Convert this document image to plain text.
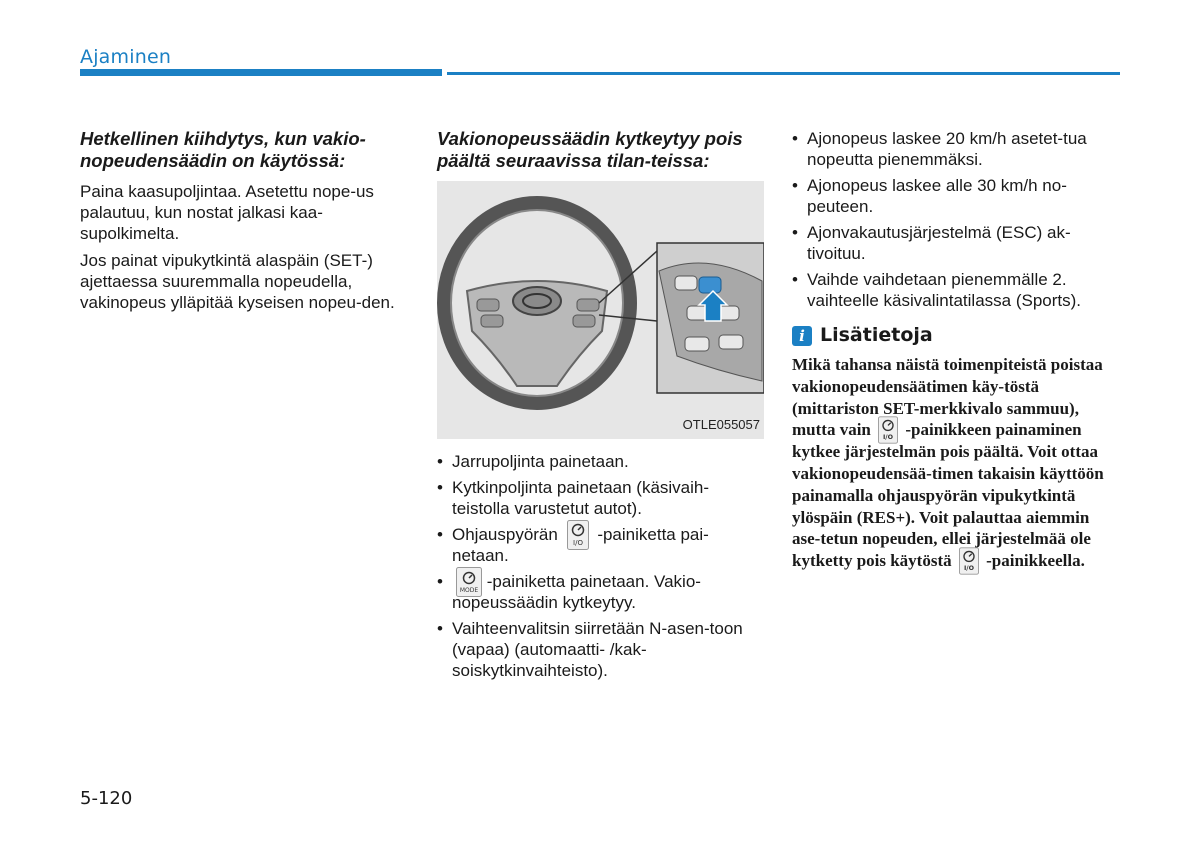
Ajaminen
Hetkellinen kiihdytys, kun vakio-nopeudensäädin on käytössä:

Paina kaasupoljintaa. Asetettu nope-us palautuu, kun nostat jalkasi kaa-supolkimelta.

Jos painat vipukytkintä alaspäin (SET-) ajettaessa suuremmalla nopeudella, vakinopeus ylläpitää kyseisen nopeu-den.

Vakionopeussäädin kytkeytyy pois päältä seuraavissa tilan-teissa:
OTLE055057
• Jarrupoljinta painetaan.
• Kytkinpoljinta painetaan (käsivaih-teistolla varustetut autot).
• Ohjauspyörän I/O -painiketta pai-netaan.
• MODE -painiketta painetaan. Vakio-nopeussäädin kytkeytyy.
• Vaihteenvalitsin siirretään N-asen-toon (vapaa) (automaatti- /kak-soiskytkinvaihteisto).
• Ajonopeus laskee 20 km/h asetet-tua nopeutta pienemmäksi.
• Ajonopeus laskee alle 30 km/h no-peuteen.
• Ajonvakautusjärjestelmä (ESC) ak-tivoituu.
• Vaihde vaihdetaan pienemmälle 2. vaihteelle käsivalintatilassa (Sports).
i Lisätietoja

Mikä tahansa näistä toimenpiteistä poistaa vakionopeudensäätimen käy-töstä (mittariston SET-merkkivalo sammuu), mutta vain I/O -painikkeen painaminen kytkee järjestelmän pois päältä. Voit ottaa vakionopeudensää-timen takaisin käyttöön painamalla ohjauspyörän vipukytkintä ylöspäin (RES+). Voit palauttaa aiemmin ase-tetun nopeuden, ellei järjestelmää ole kytketty pois käytöstä I/O -painikkeella.

5-120
